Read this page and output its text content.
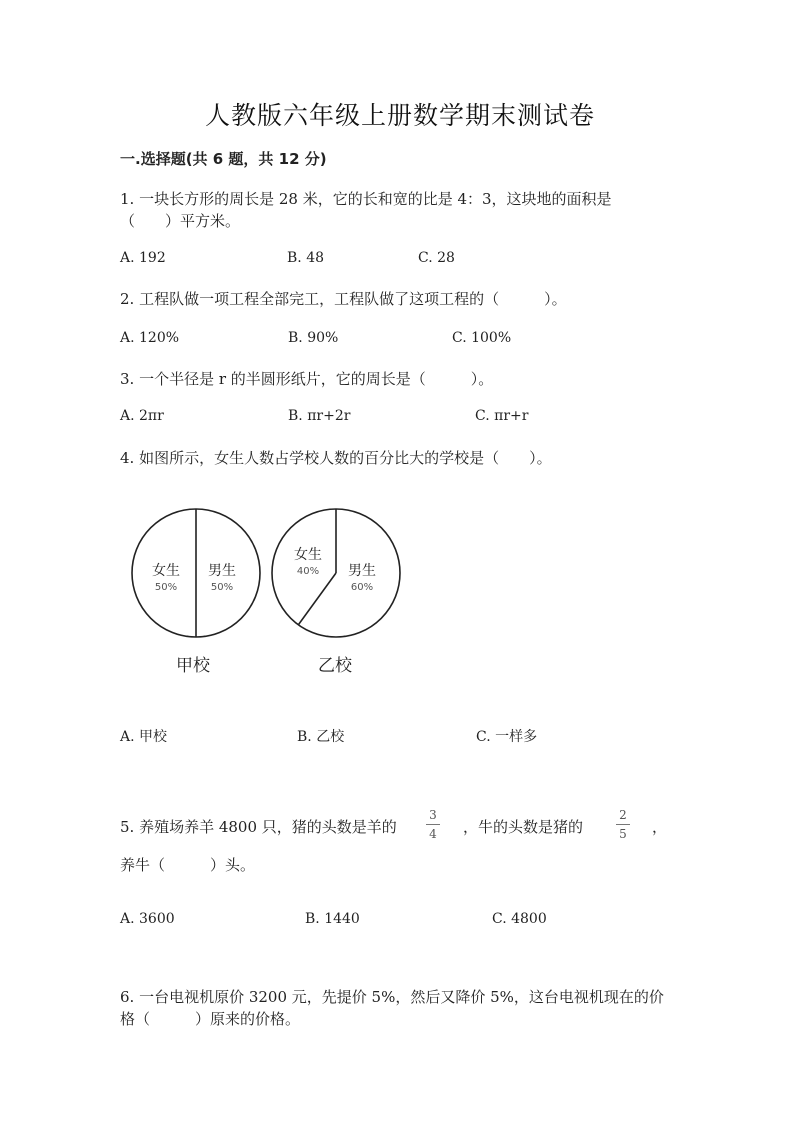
人教版六年级上册数学期末测试卷
一.选择题(共 6 题，共 12 分)
1. 一块长方形的周长是 28 米，它的长和宽的比是 4：3，这块地的面积是
（　　）平方米。
A. 192	B. 48	C. 28
2. 工程队做一项工程全部完工，工程队做了这项工程的（　　　）。
A. 120%	B. 90%	C. 100%
3. 一个半径是 r 的半圆形纸片，它的周长是（　　　）。
A. 2πr	B. πr+2r	C. πr+r
4. 如图所示，女生人数占学校人数的百分比大的学校是（　　）。
女生
50%
男生
50%
女生
40% 男生
60%
甲校	乙校
A. 甲校	B. 乙校	C. 一样多
5. 养殖场养羊 4800 只，猪的头数是羊的
3
4 ，牛的头数是猪的
2
5 ，
养牛（　　　）头。
A. 3600	B. 1440	C. 4800
6. 一台电视机原价 3200 元，先提价 5%，然后又降价 5%，这台电视机现在的价
格（　　　）原来的价格。
